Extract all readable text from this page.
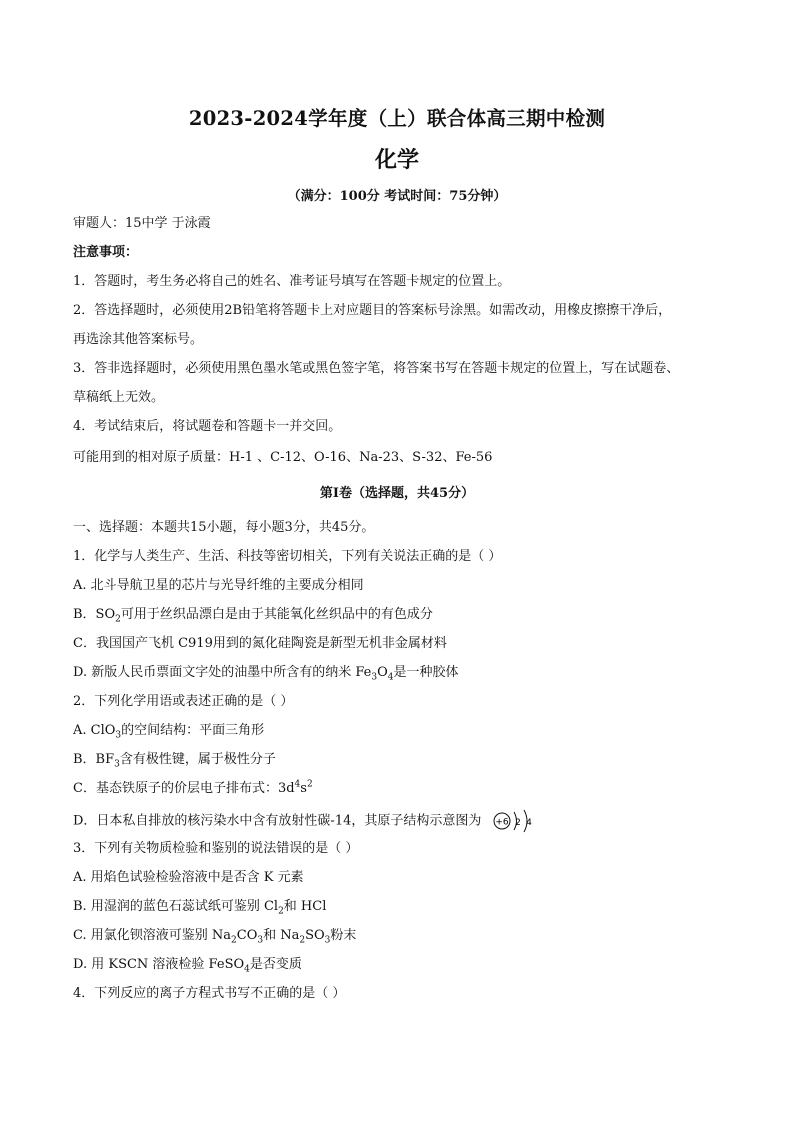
2023-2024学年度（上）联合体高三期中检测
化学
（满分：100分 考试时间：75分钟）
审题人：15中学 于泳霞
注意事项：
1．答题时，考生务必将自己的姓名、准考证号填写在答题卡规定的位置上。
2．答选择题时，必须使用2B铅笔将答题卡上对应题目的答案标号涂黑。如需改动，用橡皮擦擦干净后，
再选涂其他答案标号。
3．答非选择题时，必须使用黑色墨水笔或黑色签字笔，将答案书写在答题卡规定的位置上，写在试题卷、
草稿纸上无效。
4．考试结束后，将试题卷和答题卡一并交回。
可能用到的相对原子质量：H-1 、C-12、O-16、Na-23、S-32、Fe-56
第Ⅰ卷（选择题，共45分）
一、选择题：本题共15小题，每小题3分，共45分。
1．化学与人类生产、生活、科技等密切相关，下列有关说法正确的是（ ）
A. 北斗导航卫星的芯片与光导纤维的主要成分相同
B．$SO_2$可用于丝织品漂白是由于其能氧化丝织品中的有色成分
C．我国国产飞机 C919用到的氮化硅陶瓷是新型无机非金属材料
D. 新版人民币票面文字处的油墨中所含有的纳米 $Fe_3O_4$是一种胶体
2．下列化学用语或表述正确的是（ ）
A. ClO$_3$的空间结构：平面三角形
B．$BF_3$含有极性键，属于极性分子
C．基态铁原子的价层电子排布式：$3d^4s^2$
D．日本私自排放的核污染水中含有放射性碳-14，其原子结构示意图为 +6 2 4
3．下列有关物质检验和鉴别的说法错误的是（ ）
A. 用焰色试验检验溶液中是否含 K 元素
B. 用湿润的蓝色石蕊试纸可鉴别 $Cl_2$和 HCl
C. 用氯化钡溶液可鉴别 $Na_2CO_3$和 $Na_2SO_3$粉末
D. 用 KSCN 溶液检验 FeSO$_4$是否变质
4．下列反应的离子方程式书写不正确的是（ ）
